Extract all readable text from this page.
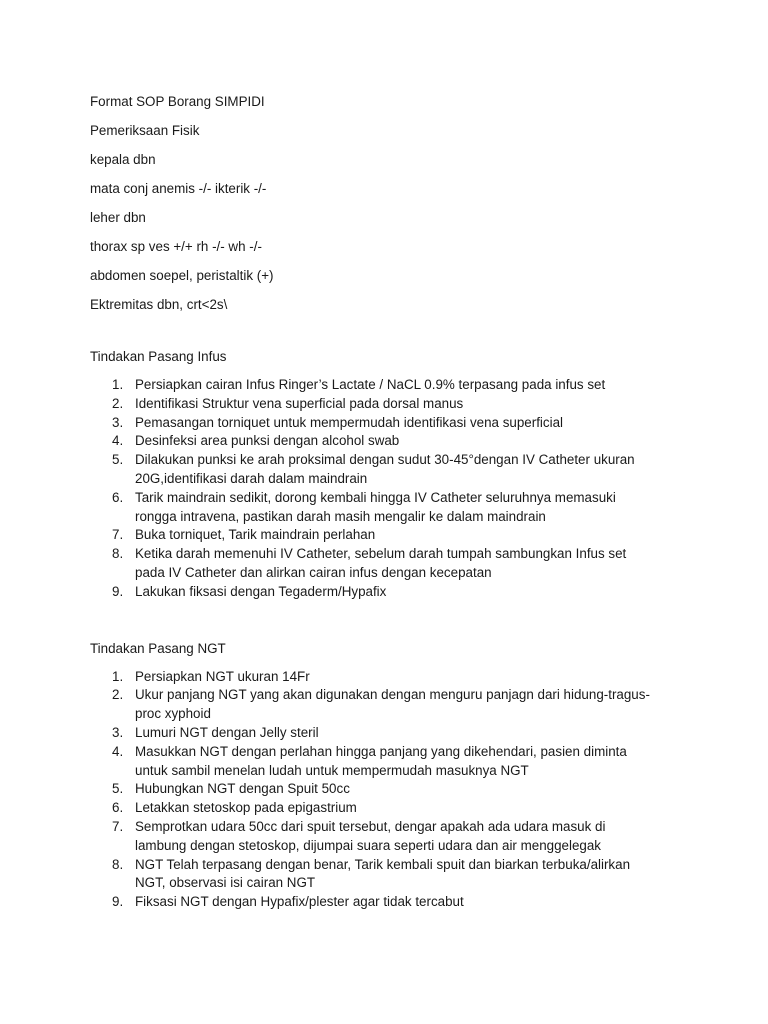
Format SOP Borang SIMPIDI

Pemeriksaan Fisik

kepala dbn

mata conj anemis -/- ikterik -/-

leher dbn

thorax sp ves +/+ rh -/- wh -/-

abdomen soepel, peristaltik (+)

Ektremitas dbn, crt<2s\

Tindakan Pasang Infus

1. Persiapkan cairan Infus Ringer’s Lactate / NaCL 0.9% terpasang pada infus set
2. Identifikasi Struktur vena superficial pada dorsal manus
3. Pemasangan torniquet untuk mempermudah identifikasi vena superficial
4. Desinfeksi area punksi dengan alcohol swab
5. Dilakukan punksi ke arah proksimal dengan sudut 30-45°dengan IV Catheter ukuran 20G,identifikasi darah dalam maindrain
6. Tarik maindrain sedikit, dorong kembali hingga IV Catheter seluruhnya memasuki rongga intravena, pastikan darah masih mengalir ke dalam maindrain
7. Buka torniquet, Tarik maindrain perlahan
8. Ketika darah memenuhi IV Catheter, sebelum darah tumpah sambungkan Infus set pada IV Catheter dan alirkan cairan infus dengan kecepatan
9. Lakukan fiksasi dengan Tegaderm/Hypafix

Tindakan Pasang NGT

1. Persiapkan NGT ukuran 14Fr
2. Ukur panjang NGT yang akan digunakan dengan menguru panjagn dari hidung-tragus-proc xyphoid
3. Lumuri NGT dengan Jelly steril
4. Masukkan NGT dengan perlahan hingga panjang yang dikehendari, pasien diminta untuk sambil menelan ludah untuk mempermudah masuknya NGT
5. Hubungkan NGT dengan Spuit 50cc
6. Letakkan stetoskop pada epigastrium
7. Semprotkan udara 50cc dari spuit tersebut, dengar apakah ada udara masuk di lambung dengan stetoskop, dijumpai suara seperti udara dan air menggelegak
8. NGT Telah terpasang dengan benar, Tarik kembali spuit dan biarkan terbuka/alirkan NGT, observasi isi cairan NGT
9. Fiksasi NGT dengan Hypafix/plester agar tidak tercabut
